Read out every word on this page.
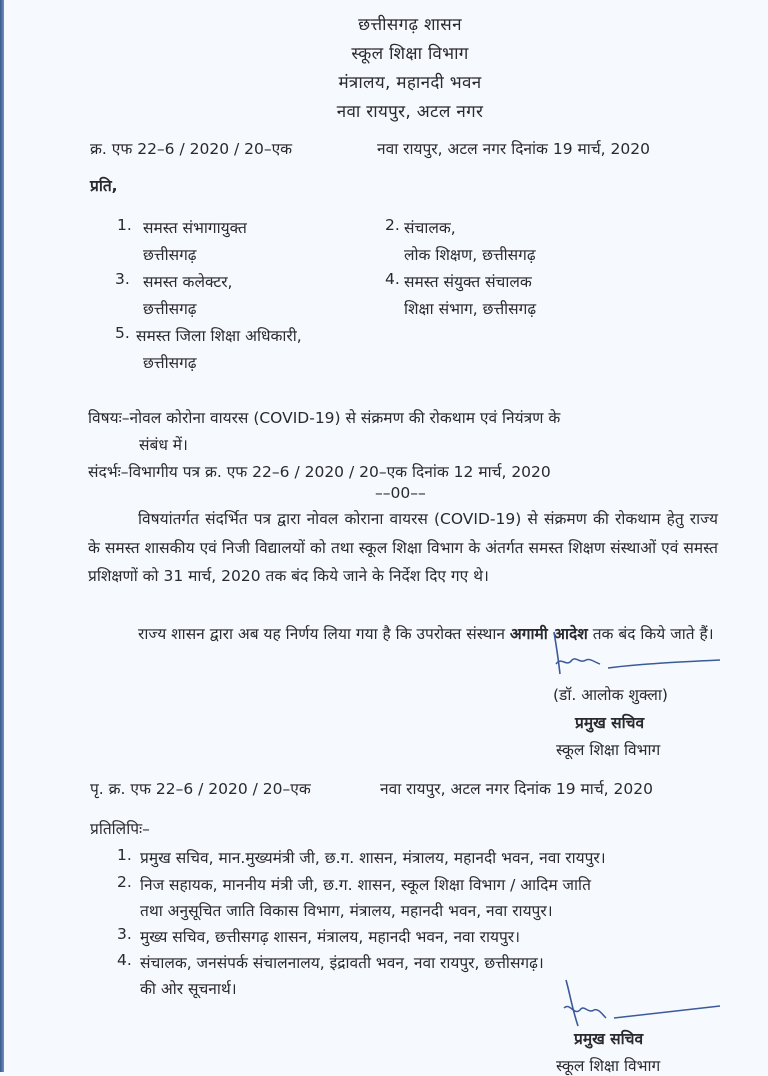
छत्तीसगढ़ शासन
स्कूल शिक्षा विभाग
मंत्रालय, महानदी भवन
नवा रायपुर, अटल नगर
क्र. एफ 22–6 / 2020 / 20–एक	नवा रायपुर, अटल नगर दिनांक 19 मार्च, 2020
प्रति,
1. समस्त संभागायुक्त
छत्तीसगढ़
2. संचालक,
लोक शिक्षण, छत्तीसगढ़
3. समस्त कलेक्टर,
छत्तीसगढ़
4. समस्त संयुक्त संचालक
शिक्षा संभाग, छत्तीसगढ़
5. समस्त जिला शिक्षा अधिकारी,
छत्तीसगढ़
विषयः–नोवल कोरोना वायरस (COVID-19) से संक्रमण की रोकथाम एवं नियंत्रण के
संबंध में।
संदर्भः–विभागीय पत्र क्र. एफ 22–6 / 2020 / 20–एक दिनांक 12 मार्च, 2020
––00––
विषयांतर्गत संदर्भित पत्र द्वारा नोवल कोराना वायरस (COVID-19) से संक्रमण की रोकथाम हेतु राज्य के समस्त शासकीय एवं निजी विद्यालयों को तथा स्कूल शिक्षा विभाग के अंतर्गत समस्त शिक्षण संस्थाओं एवं समस्त प्रशिक्षणों को 31 मार्च, 2020 तक बंद किये जाने के निर्देश दिए गए थे।
राज्य शासन द्वारा अब यह निर्णय लिया गया है कि उपरोक्त संस्थान अगामी आदेश तक बंद किये जाते हैं।
(डॉ. आलोक शुक्ला)
प्रमुख सचिव
स्कूल शिक्षा विभाग
पृ. क्र. एफ 22–6 / 2020 / 20–एक	नवा रायपुर, अटल नगर दिनांक 19 मार्च, 2020
प्रतिलिपिः–
1. प्रमुख सचिव, मान.मुख्यमंत्री जी, छ.ग. शासन, मंत्रालय, महानदी भवन, नवा रायपुर।
2. निज सहायक, माननीय मंत्री जी, छ.ग. शासन, स्कूल शिक्षा विभाग / आदिम जाति
तथा अनुसूचित जाति विकास विभाग, मंत्रालय, महानदी भवन, नवा रायपुर।
3. मुख्य सचिव, छत्तीसगढ़ शासन, मंत्रालय, महानदी भवन, नवा रायपुर।
4. संचालक, जनसंपर्क संचालनालय, इंद्रावती भवन, नवा रायपुर, छत्तीसगढ़।
की ओर सूचनार्थ।
प्रमुख सचिव
स्कूल शिक्षा विभाग
